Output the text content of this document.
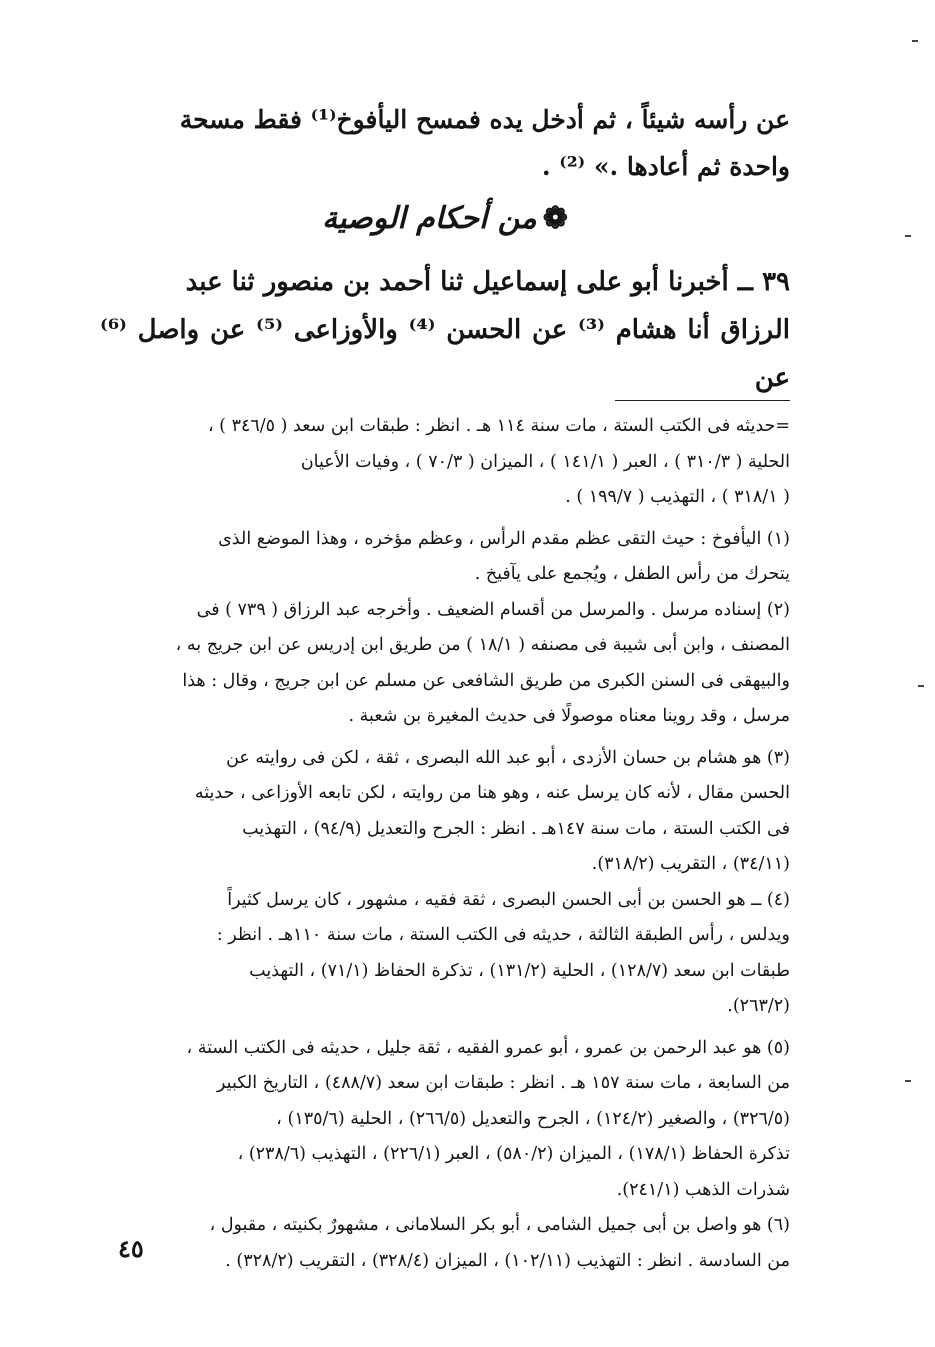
عن رأسه شيئاً ، ثم أدخل يده فمسح اليأفوخ⁽¹⁾ فقط مسحة

واحدة ثم أعادها .» ⁽²⁾ .

❁من أحكام الوصية

٣٩ ــ أخبرنا أبو على إسماعيل ثنا أحمد بن منصور ثنا عبد

الرزاق أنا هشام ⁽³⁾ عن الحسن ⁽⁴⁾ والأوزاعى ⁽⁵⁾ عن واصل ⁽⁶⁾ عن

=حديثه فى الكتب الستة ، مات سنة ١١٤ هـ . انظر : طبقات ابن سعد ( ٣٤٦/٥ ) ،

الحلية ( ٣١٠/٣ ) ، العبر ( ١٤١/١ ) ، الميزان ( ٧٠/٣ ) ، وفيات الأعيان

( ٣١٨/١ ) ، التهذيب ( ١٩٩/٧ ) .

(١) اليأفوخ : حيث التقى عظم مقدم الرأس ، وعظم مؤخره ، وهذا الموضع الذى

يتحرك من رأس الطفل ، ويُجمع على يآفيخ .

(٢) إسناده مرسل . والمرسل من أقسام الضعيف . وأخرجه عبد الرزاق ( ٧٣٩ ) فى

المصنف ، وابن أبى شيبة فى مصنفه ( ١٨/١ ) من طريق ابن إدريس عن ابن جريج به ،

والبيهقى فى السنن الكبرى من طريق الشافعى عن مسلم عن ابن جريج ، وقال : هذا

مرسل ، وقد روينا معناه موصولًا فى حديث المغيرة بن شعبة .

(٣) هو هشام بن حسان الأزدى ، أبو عبد الله البصرى ، ثقة ، لكن فى روايته عن

الحسن مقال ، لأنه كان يرسل عنه ، وهو هنا من روايته ، لكن تابعه الأوزاعى ، حديثه

فى الكتب الستة ، مات سنة ١٤٧هـ . انظر : الجرح والتعديل (٩٤/٩) ، التهذيب

(٣٤/١١) ، التقريب (٣١٨/٢).

(٤) ــ هو الحسن بن أبى الحسن البصرى ، ثقة فقيه ، مشهور ، كان يرسل كثيراً

ويدلس ، رأس الطبقة الثالثة ، حديثه فى الكتب الستة ، مات سنة ١١٠هـ . انظر :

طبقات ابن سعد (١٢٨/٧) ، الحلية (١٣١/٢) ، تذكرة الحفاظ (٧١/١) ، التهذيب

(٢٦٣/٢).

(٥) هو عبد الرحمن بن عمرو ، أبو عمرو الفقيه ، ثقة جليل ، حديثه فى الكتب الستة ،

من السابعة ، مات سنة ١٥٧ هـ . انظر : طبقات ابن سعد (٤٨٨/٧) ، التاريخ الكبير

(٣٢٦/٥) ، والصغير (١٢٤/٢) ، الجرح والتعديل (٢٦٦/٥) ، الحلية (١٣٥/٦) ،

تذكرة الحفاظ (١٧٨/١) ، الميزان (٥٨٠/٢) ، العبر (٢٢٦/١) ، التهذيب (٢٣٨/٦) ،

شذرات الذهب (٢٤١/١).

(٦) هو واصل بن أبى جميل الشامى ، أبو بكر السلامانى ، مشهورٌ بكنيته ، مقبول ،

من السادسة . انظر : التهذيب (١٠٢/١١) ، الميزان (٣٢٨/٤) ، التقريب (٣٢٨/٢) .

٤٥
